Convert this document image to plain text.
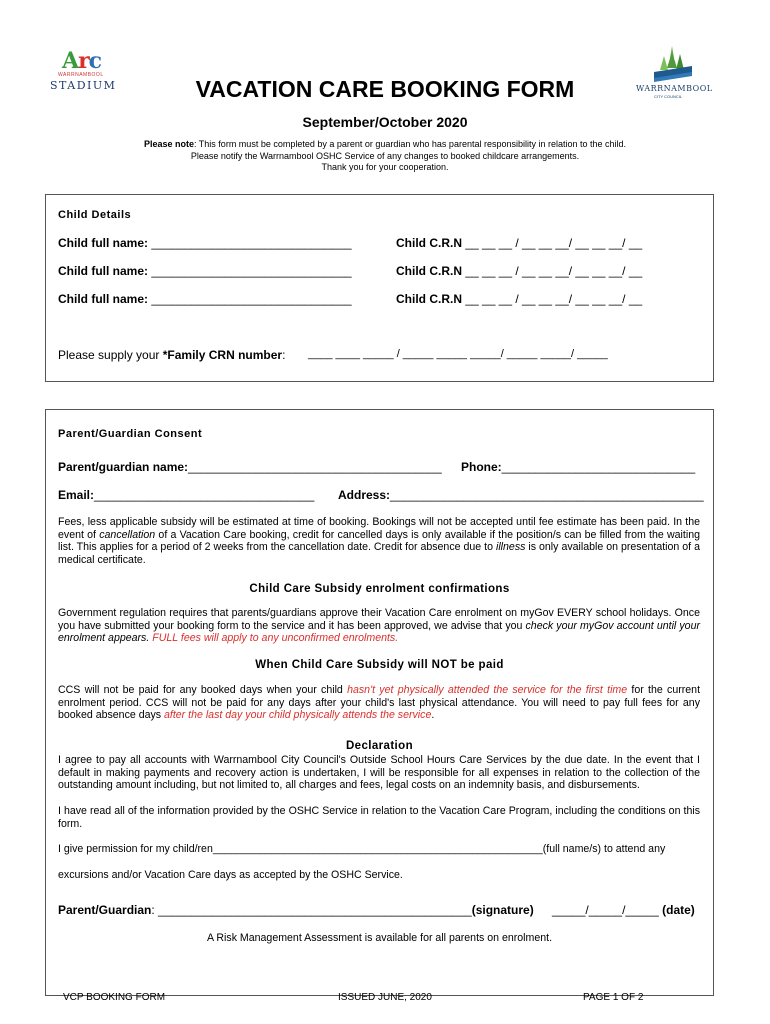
Arc
WARRNAMBOOL
STADIUM	WARRNAMBOOL
CITY COUNCIL
VACATION CARE BOOKING FORM
September/October 2020
Please note: This form must be completed by a parent or guardian who has parental responsibility in relation to the child.
Please notify the Warrnambool OSHC Service of any changes to booked childcare arrangements.
Thank you for your cooperation.
Child Details
Child full name: ______________________________	Child C.R.N __ __ __ / __ __ __/ __ __ __/ __
Child full name: ______________________________	Child C.R.N __ __ __ / __ __ __/ __ __ __/ __
Child full name: ______________________________	Child C.R.N __ __ __ / __ __ __/ __ __ __/ __
Please supply your *Family CRN number: ____ ____ _____ / _____ _____ _____/ _____ _____/ _____
Parent/Guardian Consent
Parent/guardian name:______________________________________ Phone:_____________________________
Email:_________________________________ Address:_______________________________________________
Fees, less applicable subsidy will be estimated at time of booking. Bookings will not be accepted until fee estimate has been paid. In the event of cancellation of a Vacation Care booking, credit for cancelled days is only available if the position/s can be filled from the waiting list. This applies for a period of 2 weeks from the cancellation date. Credit for absence due to illness is only available on presentation of a medical certificate.
Child Care Subsidy enrolment confirmations
Government regulation requires that parents/guardians approve their Vacation Care enrolment on myGov EVERY school holidays. Once you have submitted your booking form to the service and it has been approved, we advise that you check your myGov account until your enrolment appears. FULL fees will apply to any unconfirmed enrolments.
When Child Care Subsidy will NOT be paid
CCS will not be paid for any booked days when your child hasn't yet physically attended the service for the first time for the current enrolment period. CCS will not be paid for any days after your child's last physical attendance. You will need to pay full fees for any booked absence days after the last day your child physically attends the service.
Declaration
I agree to pay all accounts with Warrnambool City Council's Outside School Hours Care Services by the due date. In the event that I default in making payments and recovery action is undertaken, I will be responsible for all expenses in relation to the collection of the outstanding amount including, but not limited to, all charges and fees, legal costs on an indemnity basis, and disbursements.
I have read all of the information provided by the OSHC Service in relation to the Vacation Care Program, including the conditions on this form.
I give permission for my child/ren________________________________________________________(full name/s) to attend any
excursions and/or Vacation Care days as accepted by the OSHC Service.
Parent/Guardian: _______________________________________________(signature) _____/_____/_____ (date)
A Risk Management Assessment is available for all parents on enrolment.
VCP BOOKING FORM	ISSUED JUNE, 2020	PAGE 1 OF 2
